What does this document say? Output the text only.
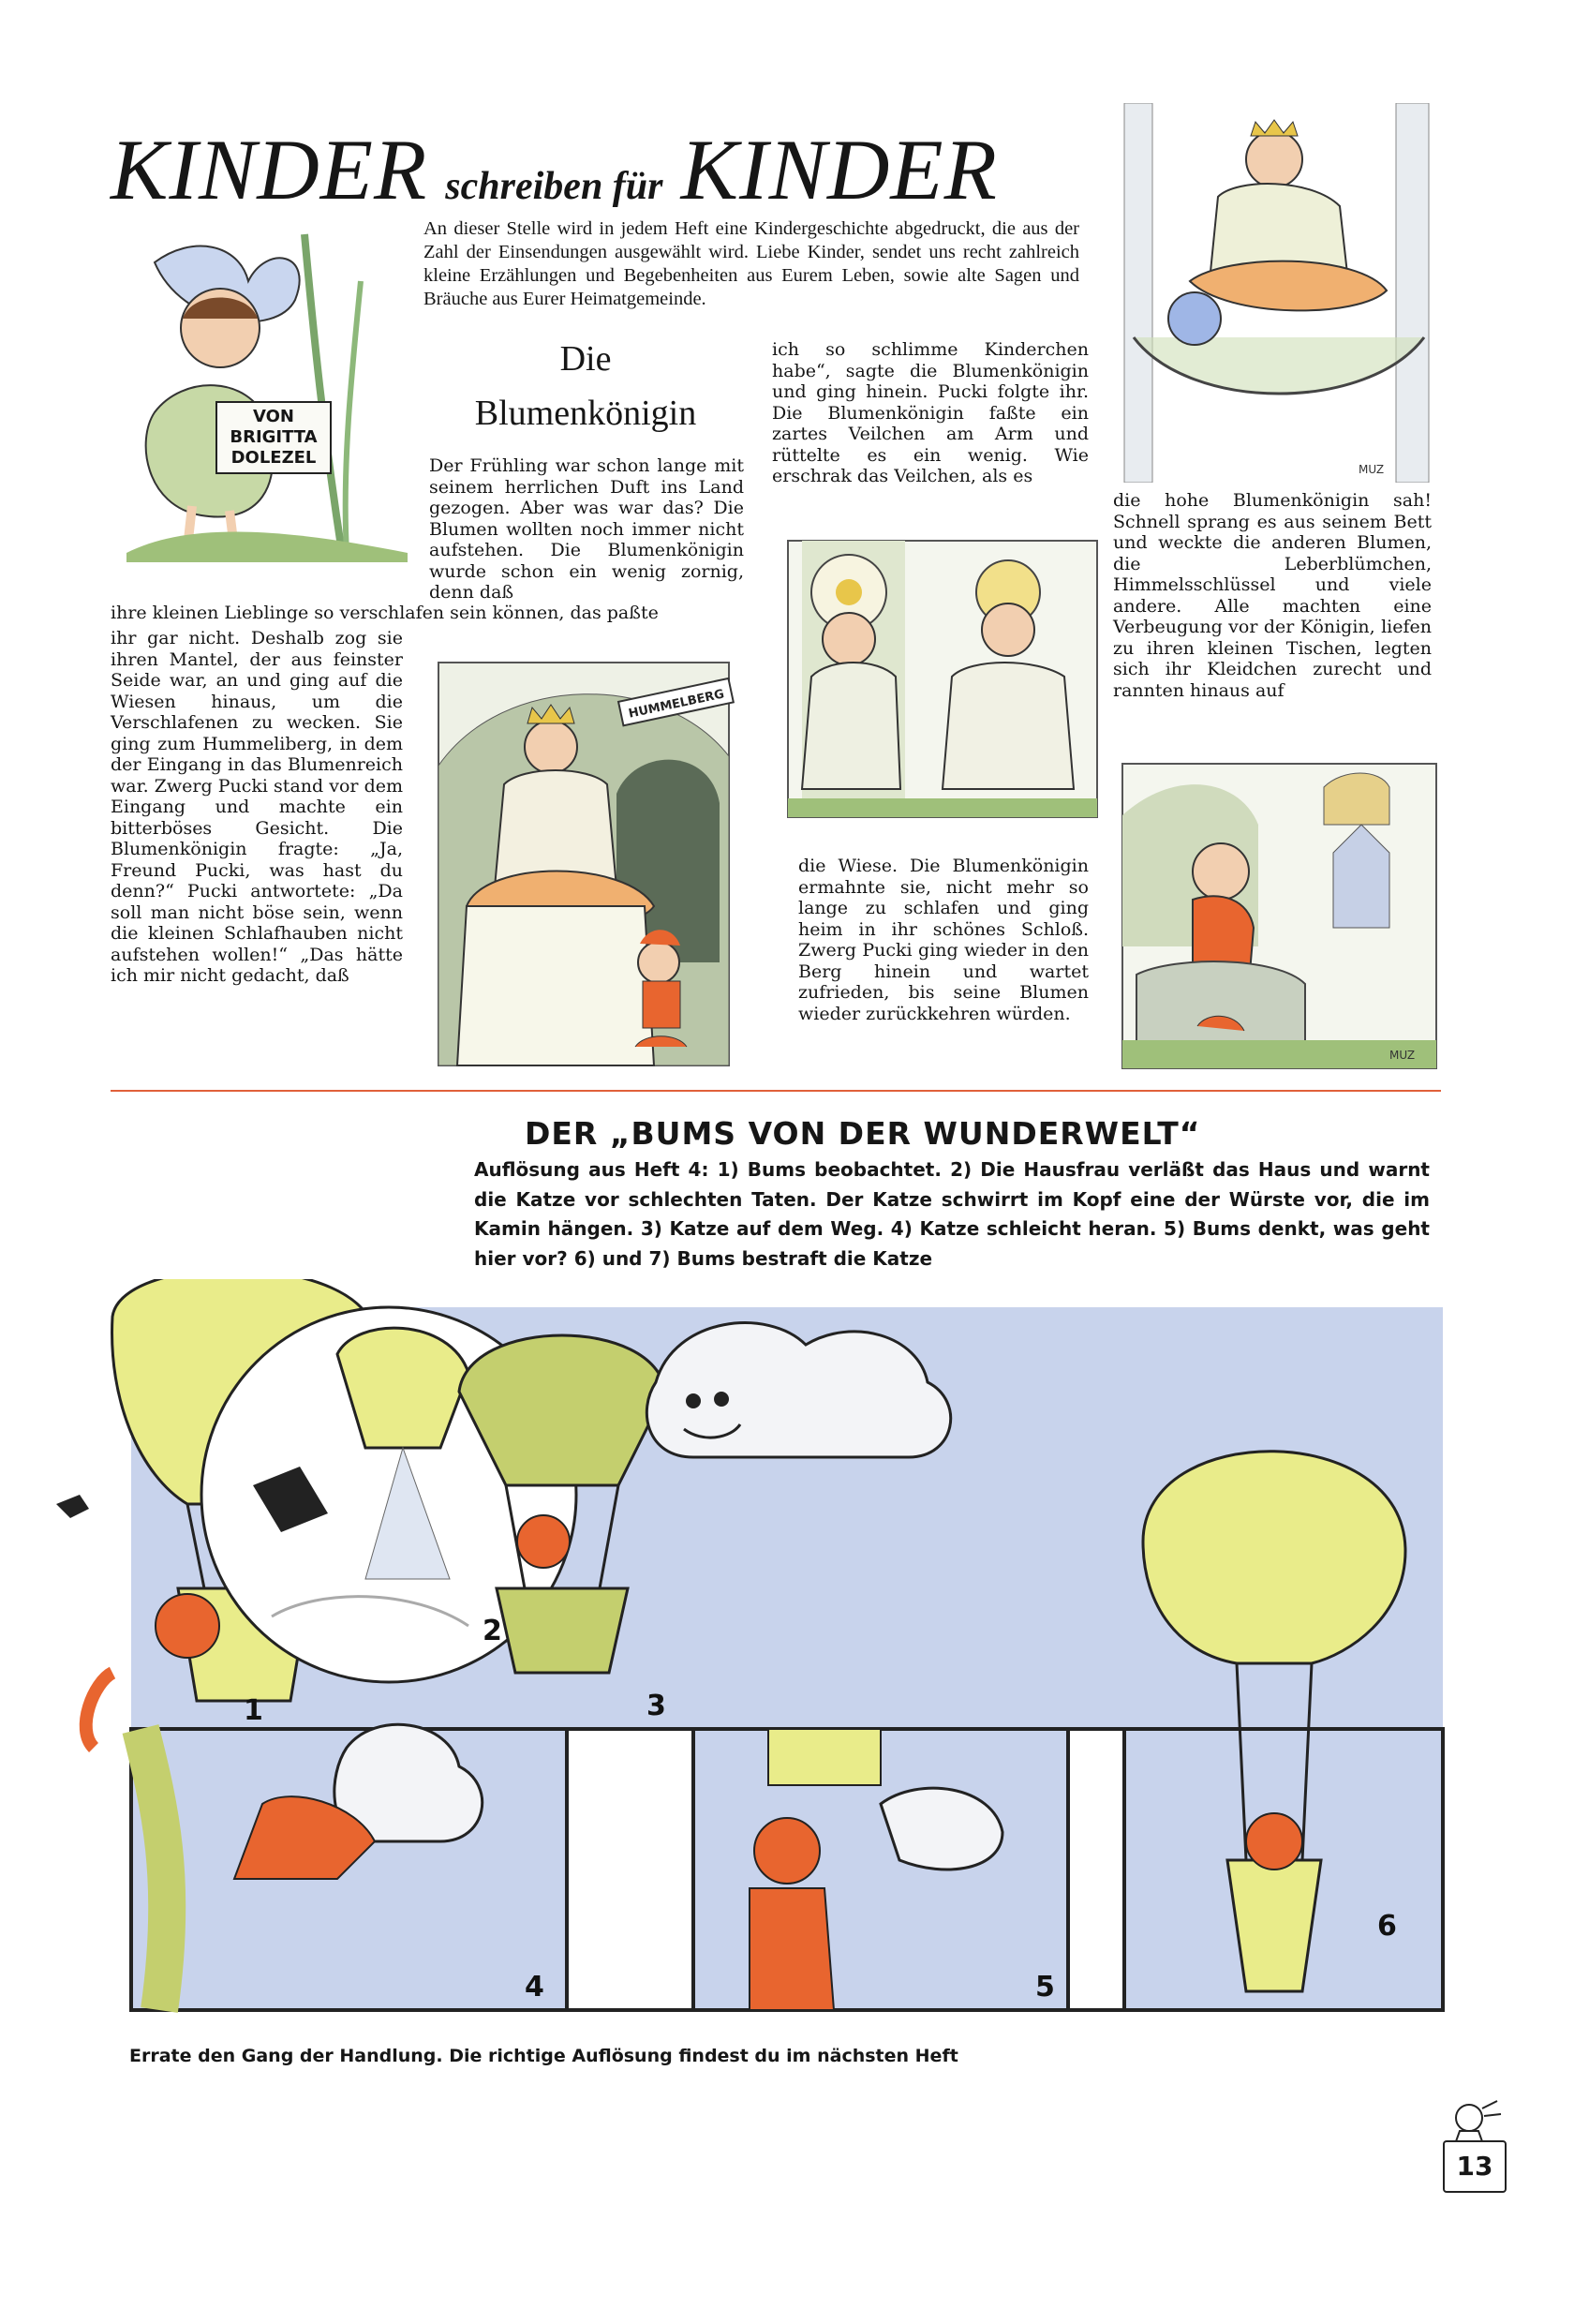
KINDER schreiben für KINDER
An dieser Stelle wird in jedem Heft eine Kindergeschichte abgedruckt, die aus der Zahl der Einsendungen ausgewählt wird. Liebe Kinder, sendet uns recht zahlreich kleine Erzählungen und Begebenheiten aus Eurem Leben, sowie alte Sagen und Bräuche aus Eurer Heimatgemeinde.
VON
BRIGITTA
DOLEZEL
MUZ
Die
Blumenkönigin

Der Frühling war schon lange mit seinem herrlichen Duft ins Land gezogen. Aber was war das? Die Blumen wollten noch immer nicht aufstehen. Die Blumenkönigin wurde schon ein wenig zornig, denn daß

ihre kleinen Lieblinge so verschlafen sein können, das paßte

ihr gar nicht. Deshalb zog sie ihren Mantel, der aus feinster Seide war, an und ging auf die Wiesen hinaus, um die Verschlafenen zu wecken. Sie ging zum Hummeliberg, in dem der Eingang in das Blumenreich war. Zwerg Pucki stand vor dem Eingang und machte ein bitterböses Gesicht. Die Blumenkönigin fragte: „Ja, Freund Pucki, was hast du denn?“ Pucki antwortete: „Da soll man nicht böse sein, wenn die kleinen Schlafhauben nicht aufstehen wollen!“ „Das hätte ich mir nicht gedacht, daß

ich so schlimme Kinderchen habe“, sagte die Blumenkönigin und ging hinein. Pucki folgte ihr. Die Blumenkönigin faßte ein zartes Veilchen am Arm und rüttelte es ein wenig. Wie erschrak das Veilchen, als es

die hohe Blumenkönigin sah! Schnell sprang es aus seinem Bett und weckte die anderen Blumen, die Leberblümchen, Himmelsschlüssel und viele andere. Alle machten eine Verbeugung vor der Königin, liefen zu ihren kleinen Tischen, legten sich ihr Kleidchen zurecht und rannten hinaus auf

die Wiese. Die Blumenkönigin ermahnte sie, nicht mehr so lange zu schlafen und ging heim in ihr schönes Schloß. Zwerg Pucki ging wieder in den Berg hinein und wartet zufrieden, bis seine Blumen wieder zurückkehren würden.

HUMMELBERG
MUZ
DER „BUMS VON DER WUNDERWELT“
Auflösung aus Heft 4: 1) Bums beobachtet. 2) Die Hausfrau verläßt das Haus und warnt die Katze vor schlechten Taten. Der Katze schwirrt im Kopf eine der Würste vor, die im Kamin hängen. 3) Katze auf dem Weg. 4) Katze schleicht heran. 5) Bums denkt, was geht hier vor? 6) und 7) Bums bestraft die Katze
1
2
3
4	5
6
Errate den Gang der Handlung. Die richtige Auflösung findest du im nächsten Heft
13
